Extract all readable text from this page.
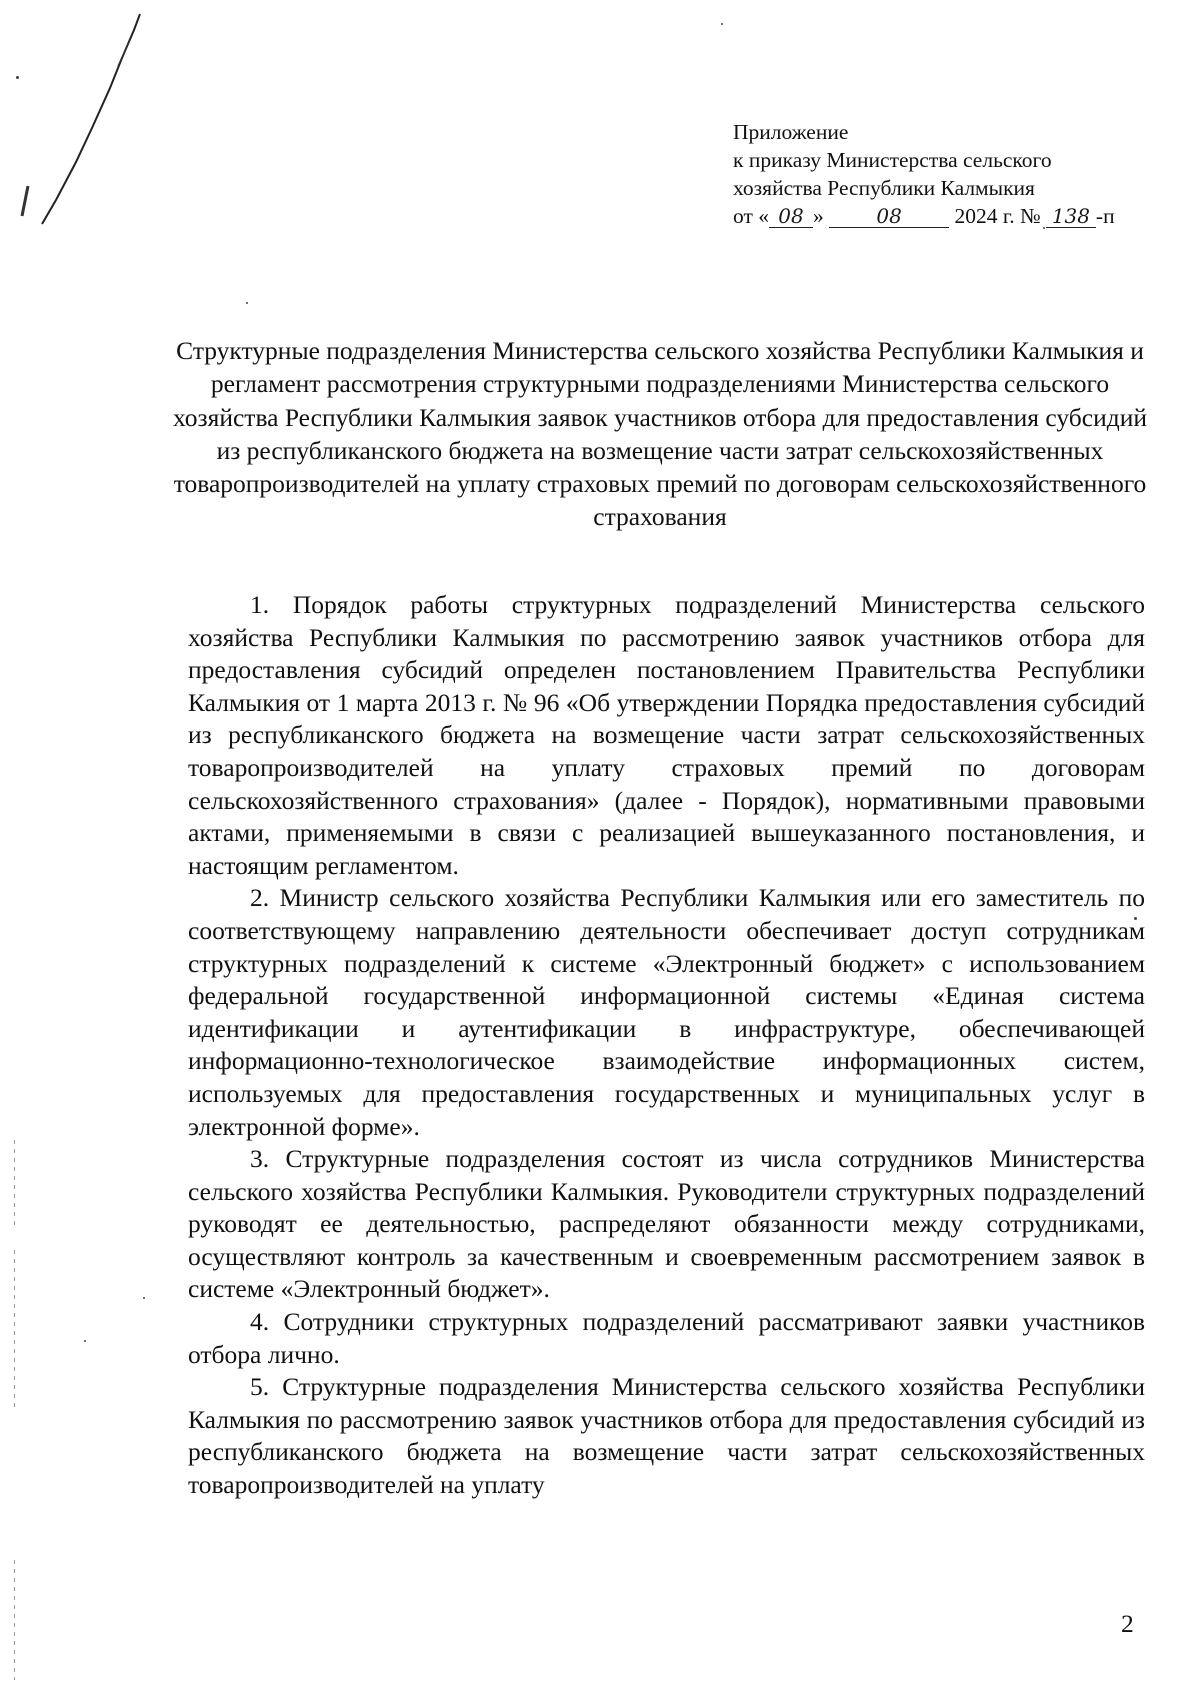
Приложение
к приказу Министерства сельского
хозяйства Республики Калмыкия
от « 08 »	08 2024 г. № 138 -п
Структурные подразделения Министерства сельского хозяйства Республики Калмыкия и регламент рассмотрения структурными подразделениями Министерства сельского хозяйства Республики Калмыкия заявок участников отбора для предоставления субсидий из республиканского бюджета на возмещение части затрат сельскохозяйственных товаропроизводителей на уплату страховых премий по договорам сельскохозяйственного страхования

1. Порядок работы структурных подразделений Министерства сельского хозяйства Республики Калмыкия по рассмотрению заявок участников отбора для предоставления субсидий определен постановлением Правительства Республики Калмыкия от 1 марта 2013 г. № 96 «Об утверждении Порядка предоставления субсидий из республиканского бюджета на возмещение части затрат сельскохозяйственных товаропроизводителей на уплату страховых премий по договорам сельскохозяйственного страхования» (далее - Порядок), нормативными правовыми актами, применяемыми в связи с реализацией вышеуказанного постановления, и настоящим регламентом.

2. Министр сельского хозяйства Республики Калмыкия или его заместитель по соответствующему направлению деятельности обеспечивает доступ сотрудникам структурных подразделений к системе «Электронный бюджет» с использованием федеральной государственной информационной системы «Единая система идентификации и аутентификации в инфраструктуре, обеспечивающей информационно-технологическое взаимодействие информационных систем, используемых для предоставления государственных и муниципальных услуг в электронной форме».

3. Структурные подразделения состоят из числа сотрудников Министерства сельского хозяйства Республики Калмыкия. Руководители структурных подразделений руководят ее деятельностью, распределяют обязанности между сотрудниками, осуществляют контроль за качественным и своевременным рассмотрением заявок в системе «Электронный бюджет».

4. Сотрудники структурных подразделений рассматривают заявки участников отбора лично.

5. Структурные подразделения Министерства сельского хозяйства Республики Калмыкия по рассмотрению заявок участников отбора для предоставления субсидий из республиканского бюджета на возмещение части затрат сельскохозяйственных товаропроизводителей на уплату

2
